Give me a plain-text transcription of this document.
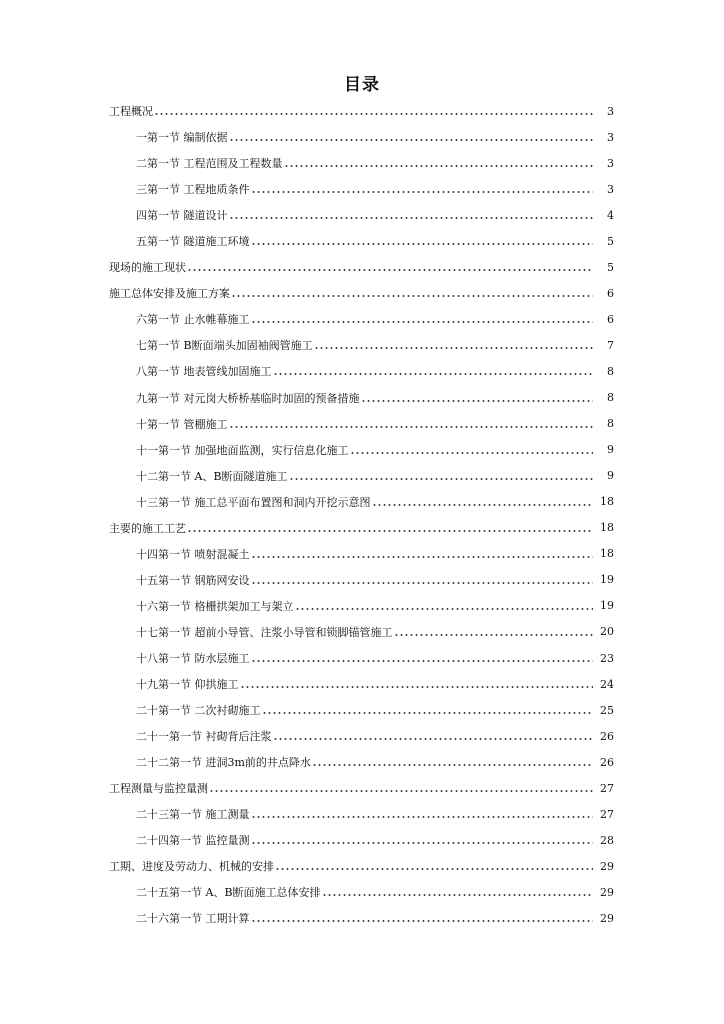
目录
工程概况	3
一第一节 编制依据	3
二第一节 工程范围及工程数量	3
三第一节 工程地质条件	3
四第一节 隧道设计	4
五第一节 隧道施工环境	5
现场的施工现状	5
施工总体安排及施工方案	6
六第一节 止水帷幕施工	6
七第一节 B断面端头加固袖阀管施工	7
八第一节 地表管线加固施工	8
九第一节 对元岗大桥桥基临时加固的预备措施	8
十第一节 管棚施工	8
十一第一节 加强地面监测，实行信息化施工	9
十二第一节 A、B断面隧道施工	9
十三第一节 施工总平面布置图和洞内开挖示意图	18
主要的施工工艺	18
十四第一节 喷射混凝土	18
十五第一节 钢筋网安设	19
十六第一节 格栅拱架加工与架立	19
十七第一节 超前小导管、注浆小导管和锁脚锚管施工	20
十八第一节 防水层施工	23
十九第一节 仰拱施工	24
二十第一节 二次衬砌施工	25
二十一第一节 衬砌背后注浆	26
二十二第一节 进洞3m前的井点降水	26
工程测量与监控量测	27
二十三第一节 施工测量	27
二十四第一节 监控量测	28
工期、进度及劳动力、机械的安排	29
二十五第一节 A、B断面施工总体安排	29
二十六第一节 工期计算	29
